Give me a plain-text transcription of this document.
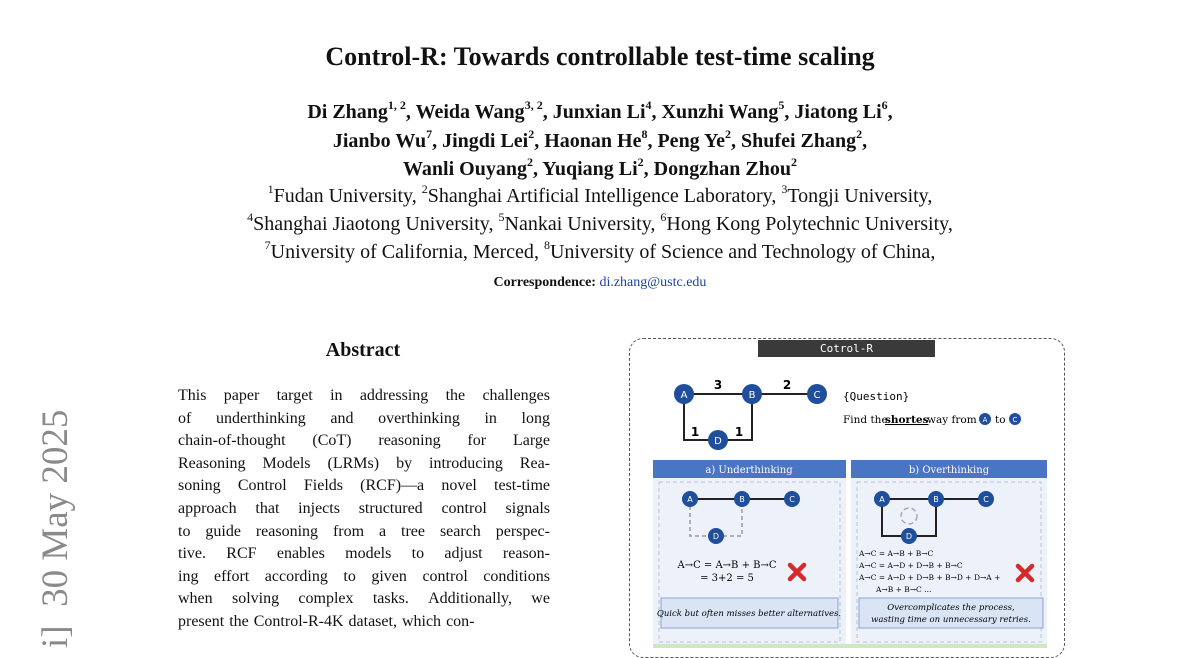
Control-R: Towards controllable test-time scaling
Di Zhang$^{1, 2}$, Weida Wang$^{3, 2}$, Junxian Li$^4$, Xunzhi Wang$^5$, Jiatong Li$^6$,
Jianbo Wu$^7$, Jingdi Lei$^2$, Haonan He$^8$, Peng Ye$^2$, Shufei Zhang$^2$,
Wanli Ouyang$^2$, Yuqiang Li$^2$, Dongzhan Zhou$^2$
$^1$Fudan University, $^2$Shanghai Artificial Intelligence Laboratory, $^3$Tongji University,
$^4$Shanghai Jiaotong University, $^5$Nankai University, $^6$Hong Kong Polytechnic University,
$^7$University of California, Merced, $^8$University of Science and Technology of China,
Correspondence: di.zhang@ustc.edu
i]  30 May 2025
Abstract
This paper target in addressing the challenges
of underthinking and overthinking in long
chain-of-thought (CoT) reasoning for Large
Reasoning Models (LRMs) by introducing Rea-
soning Control Fields (RCF)—a novel test-time
approach that injects structured control signals
to guide reasoning from a tree search perspec-
tive. RCF enables models to adjust reason-
ing effort according to given control conditions
when solving complex tasks. Additionally, we
present the Control-R-4K dataset, which con-
Cotrol-R
3	2
1	1
A	B	C
D
{Question}
Find the
shortes
way from A to C
a) Underthinking
A	B	C
D
A→C = A→B + B→C
= 3+2 = 5
Quick but often misses better alternatives.
b) Overthinking
A	B	C
D
A→C = A→B + B→C
A→C = A→D + D→B + B→C
A→C = A→D + D→B + B→D + D→A +
A→B + B→C ...
Overcomplicates the process,
wasting time on unnecessary retries.
